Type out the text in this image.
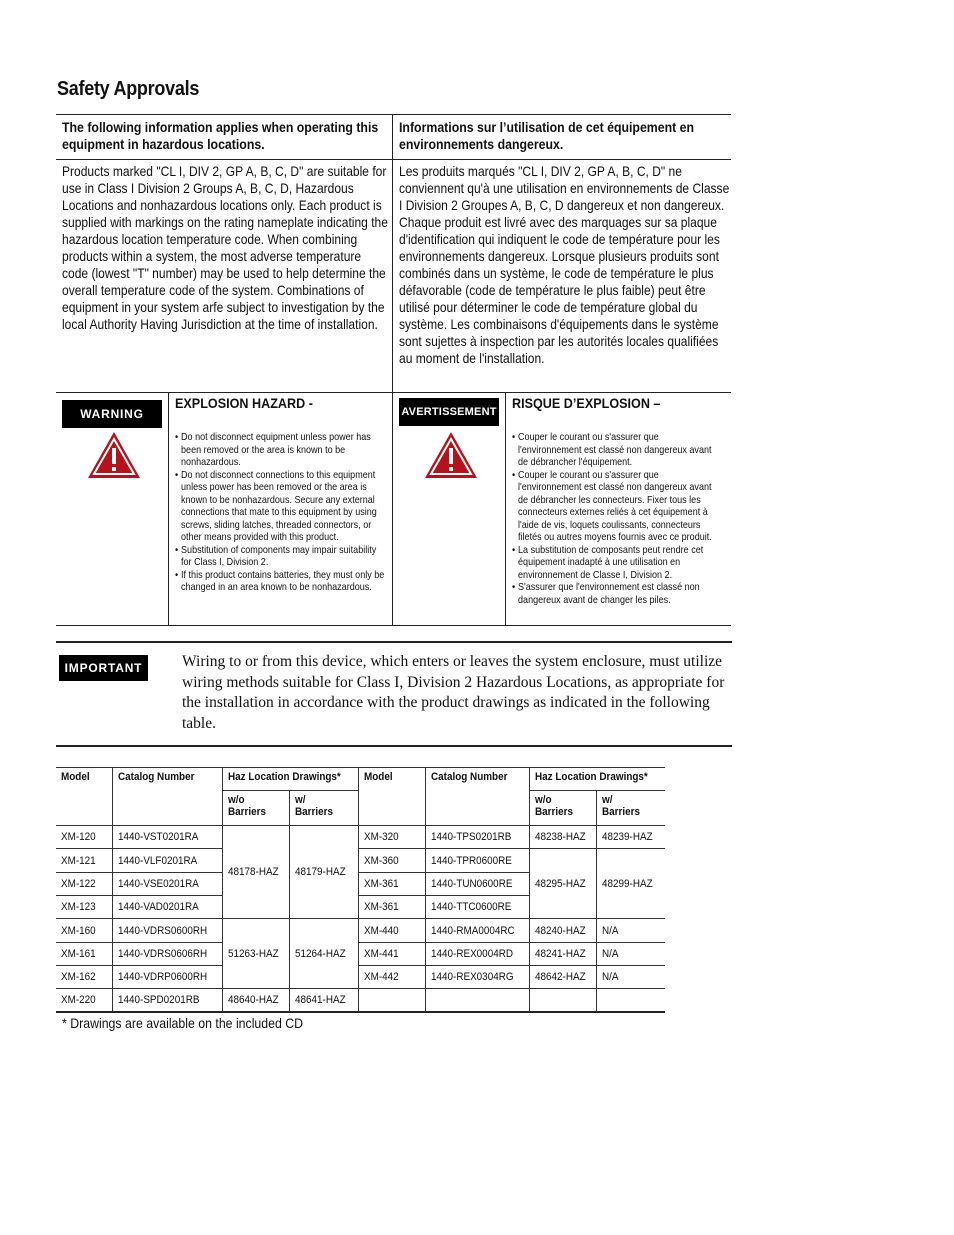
Safety Approvals
The following information applies when operating this equipment in hazardous locations.
Informations sur l’utilisation de cet équipement en environnements dangereux.
Products marked "CL I, DIV 2, GP A, B, C, D" are suitable for use in Class I Division 2 Groups A, B, C, D, Hazardous Locations and nonhazardous locations only. Each product is supplied with markings on the rating nameplate indicating the hazardous location temperature code. When combining products within a system, the most adverse temperature code (lowest "T" number) may be used to help determine the overall temperature code of the system. Combinations of equipment in your system arfe subject to investigation by the local Authority Having Jurisdiction at the time of installation.
Les produits marqués "CL I, DIV 2, GP A, B, C, D" ne conviennent qu'à une utilisation en environnements de Classe I Division 2 Groupes A, B, C, D dangereux et non dangereux. Chaque produit est livré avec des marquages sur sa plaque d'identification qui indiquent le code de température pour les environnements dangereux. Lorsque plusieurs produits sont combinés dans un système, le code de température le plus défavorable (code de température le plus faible) peut être utilisé pour déterminer le code de température global du système. Les combinaisons d'équipements dans le système sont sujettes à inspection par les autorités locales qualifiées au moment de l'installation.
WARNING
EXPLOSION HAZARD -
• Do not disconnect equipment unless power has been removed or the area is known to be nonhazardous.
• Do not disconnect connections to this equipment unless power has been removed or the area is known to be nonhazardous. Secure any external connections that mate to this equipment by using screws, sliding latches, threaded connectors, or other means provided with this product.
• Substitution of components may impair suitability for Class I, Division 2.
• If this product contains batteries, they must only be changed in an area known to be nonhazardous.
AVERTISSEMENT
RISQUE D’EXPLOSION –
• Couper le courant ou s'assurer que l'environnement est classé non dangereux avant de débrancher l'équipement.
• Couper le courant ou s'assurer que l'environnement est classé non dangereux avant de débrancher les connecteurs. Fixer tous les connecteurs externes reliés à cet équipement à l'aide de vis, loquets coulissants, connecteurs filetés ou autres moyens fournis avec ce produit.
• La substitution de composants peut rendre cet équipement inadapté à une utilisation en environnement de Classe I, Division 2.
• S'assurer que l'environnement est classé non dangereux avant de changer les piles.
IMPORTANT	Wiring to or from this device, which enters or leaves the system enclosure, must utilize wiring methods suitable for Class I, Division 2 Hazardous Locations, as appropriate for the installation in accordance with the product drawings as indicated in the following table.
Model	Catalog Number	Haz Location Drawings*		Model	Catalog Number	Haz Location Drawings*	
		w/o Barriers	w/ Barriers			w/o Barriers	w/ Barriers
XM-120	1440-VST0201RA	48178-HAZ	48179-HAZ	XM-320	1440-TPS0201RB	48238-HAZ	48239-HAZ
XM-121	1440-VLF0201RA			XM-360	1440-TPR0600RE	48295-HAZ	48299-HAZ
XM-122	1440-VSE0201RA			XM-361	1440-TUN0600RE		
XM-123	1440-VAD0201RA			XM-361	1440-TTC0600RE		
XM-160	1440-VDRS0600RH	51263-HAZ	51264-HAZ	XM-440	1440-RMA0004RC	48240-HAZ	N/A
XM-161	1440-VDRS0606RH			XM-441	1440-REX0004RD	48241-HAZ	N/A
XM-162	1440-VDRP0600RH			XM-442	1440-REX0304RG	48642-HAZ	N/A
XM-220	1440-SPD0201RB	48640-HAZ	48641-HAZ				
* Drawings are available on the included CD
